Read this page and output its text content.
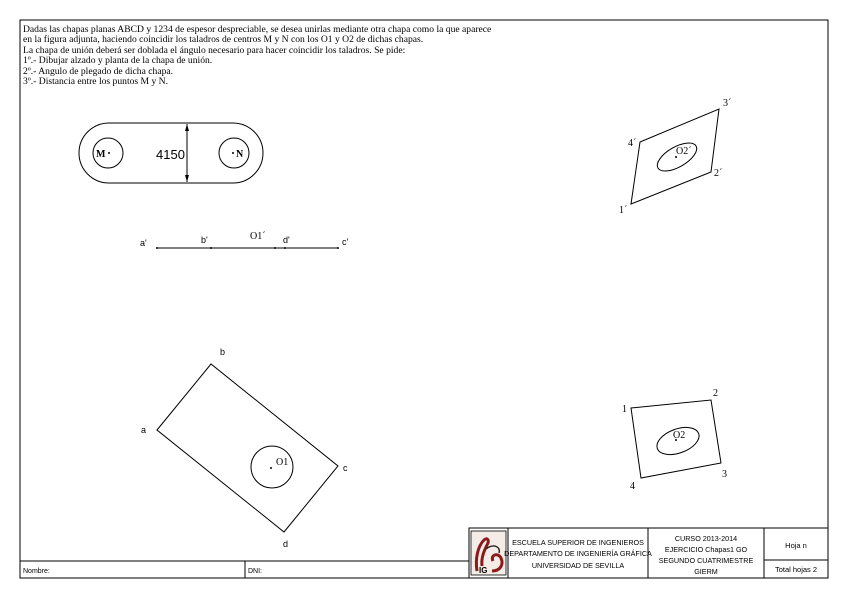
M	N
4150
a'	b'	O1´ d'	c'
O2´
1´
2´
3´
4´
O1
a
b
c
d
O2
1
2
3
4
Nombre:	DNI:	IG
ESCUELA SUPERIOR DE INGENIEROS
DEPARTAMENTO DE INGENIERÍA GRÁFICA
UNIVERSIDAD DE SEVILLA
CURSO 2013-2014
EJERCICIO Chapas1 GO
SEGUNDO CUATRIMESTRE
GIERM
Hoja n
Total hojas 2
Dadas las chapas planas ABCD y 1234 de espesor despreciable, se desea unirlas mediante otra chapa como la que aparece
en la figura adjunta, haciendo coincidir los taladros de centros M y N con los O1 y O2 de dichas chapas.
La chapa de unión deberá ser doblada el ángulo necesario para hacer coincidir los taladros. Se pide:
1º.- Dibujar alzado y planta de la chapa de unión.
2º.- Angulo de plegado de dicha chapa.
3º.- Distancia entre los puntos M y N.
